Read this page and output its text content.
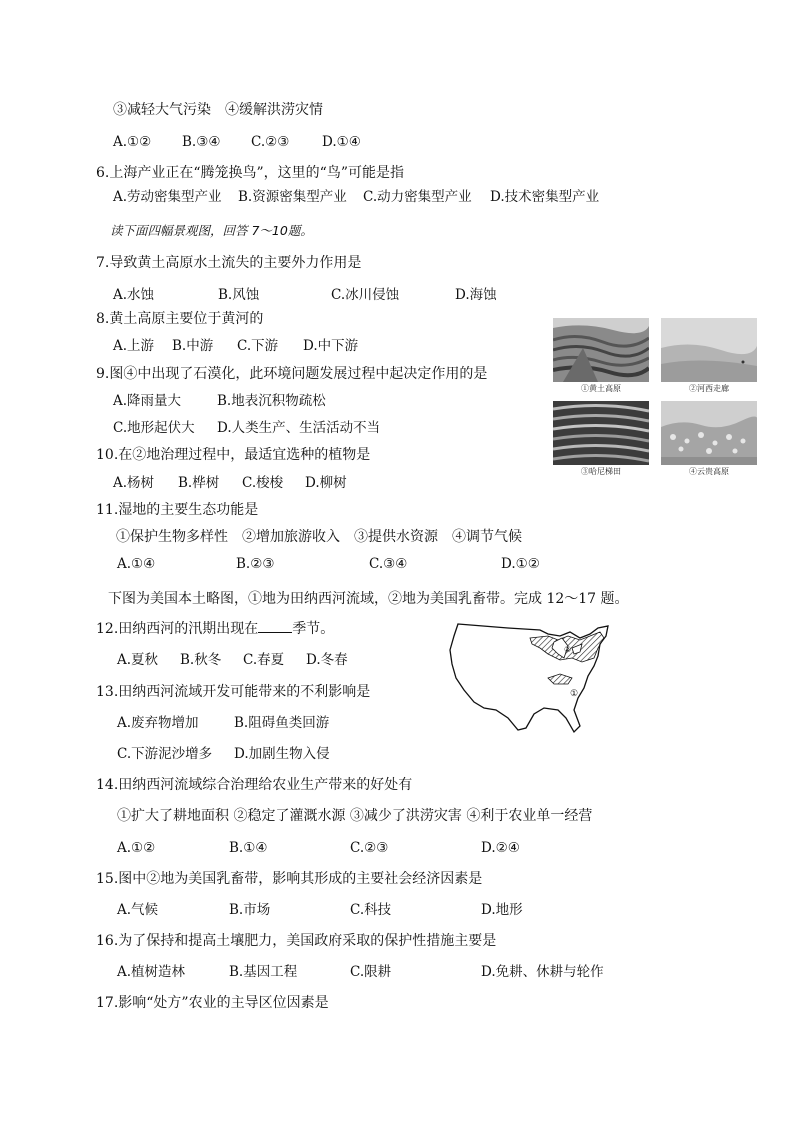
③减轻大气污染　④缓解洪涝灾情
A.①② B.③④ C.②③ D.①④
6.上海产业正在“腾笼换鸟”，这里的“鸟”可能是指
A.劳动密集型产业 B.资源密集型产业 C.动力密集型产业 D.技术密集型产业
读下面四幅景观图，回答 7～10题。
7.导致黄土高原水土流失的主要外力作用是
A.水蚀	B.风蚀	C.冰川侵蚀	D.海蚀
8.黄土高原主要位于黄河的
A.上游 B.中游 C.下游 D.中下游
9.图④中出现了石漠化，此环境问题发展过程中起决定作用的是
A.降雨量大	B.地表沉积物疏松
C.地形起伏大 D.人类生产、生活活动不当
10.在②地治理过程中，最适宜选种的植物是
A.杨树 B.桦树 C.梭梭 D.柳树
11.湿地的主要生态功能是
①保护生物多样性　②增加旅游收入　③提供水资源　④调节气候
A.①④	B.②③	C.③④	D.①②
①黄土高原	②河西走廊
③哈尼梯田	④云贵高原
下图为美国本土略图，①地为田纳西河流域，②地为美国乳畜带。完成 12～17 题。
12.田纳西河的汛期出现在 季节。
A.夏秋 B.秋冬 C.春夏 D.冬春
①
②
13.田纳西河流域开发可能带来的不利影响是
A.废弃物增加	B.阻碍鱼类回游
C.下游泥沙增多 D.加剧生物入侵
14.田纳西河流域综合治理给农业生产带来的好处有
①扩大了耕地面积 ②稳定了灌溉水源 ③减少了洪涝灾害 ④利于农业单一经营
A.①②	B.①④	C.②③	D.②④
15.图中②地为美国乳畜带，影响其形成的主要社会经济因素是
A.气候	B.市场	C.科技	D.地形
16.为了保持和提高土壤肥力，美国政府采取的保护性措施主要是
A.植树造林	B.基因工程	C.限耕	D.免耕、休耕与轮作
17.影响“处方”农业的主导区位因素是
